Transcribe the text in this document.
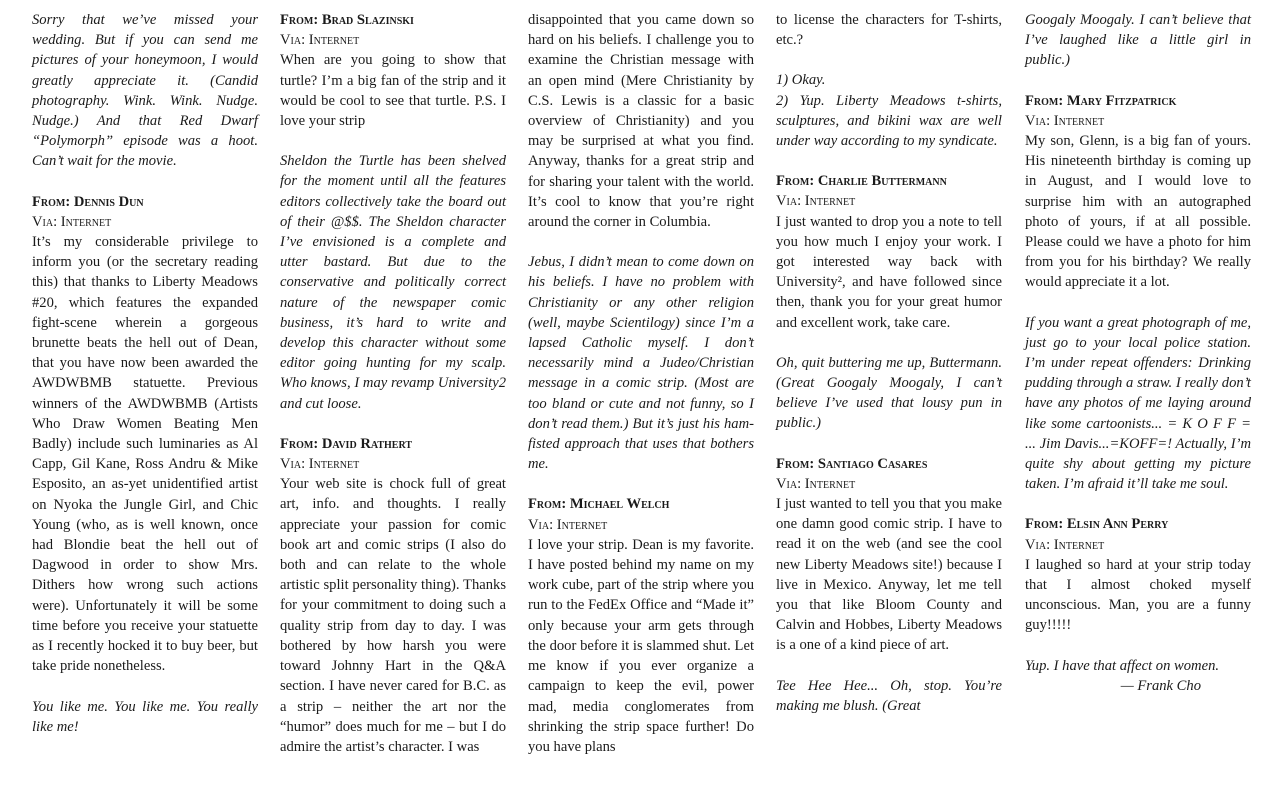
Sorry that we’ve missed your wedding. But if you can send me pictures of your honeymoon, I would greatly appreciate it. (Candid photography. Wink. Wink. Nudge. Nudge.) And that Red Dwarf “Polymorph” episode was a hoot. Can’t wait for the movie.

From: Dennis Dun

Via: Internet

It’s my considerable privilege to inform you (or the secretary reading this) that thanks to Liberty Meadows #20, which features the expanded fight-scene wherein a gorgeous brunette beats the hell out of Dean, that you have now been awarded the AWDWBMB statuette. Previous winners of the AWDWBMB (Artists Who Draw Women Beating Men Badly) include such luminaries as Al Capp, Gil Kane, Ross Andru & Mike Esposito, an as-yet unidentified artist on Nyoka the Jungle Girl, and Chic Young (who, as is well known, once had Blondie beat the hell out of Dagwood in order to show Mrs. Dithers how wrong such actions were). Unfortunately it will be some time before you receive your statuette as I recently hocked it to buy beer, but take pride nonetheless.

You like me. You like me. You really like me!

From: Brad Slazinski

Via: Internet

When are you going to show that turtle? I’m a big fan of the strip and it would be cool to see that turtle. P.S. I love your strip

Sheldon the Turtle has been shelved for the moment until all the features editors collectively take the board out of their @$$. The Sheldon character I’ve envisioned is a complete and utter bastard. But due to the conservative and politically correct nature of the newspaper comic business, it’s hard to write and develop this character without some editor going hunting for my scalp. Who knows, I may revamp University2 and cut loose.

From: David Rathert

Via: Internet

Your web site is chock full of great art, info. and thoughts. I really appreciate your passion for comic book art and comic strips (I also do both and can relate to the whole artistic split personality thing). Thanks for your commitment to doing such a quality strip from day to day. I was bothered by how harsh you were toward Johnny Hart in the Q&A section. I have never cared for B.C. as a strip – neither the art nor the “humor” does much for me – but I do admire the artist’s character. I was

disappointed that you came down so hard on his beliefs. I challenge you to examine the Christian message with an open mind (Mere Christianity by C.S. Lewis is a classic for a basic overview of Christianity) and you may be surprised at what you find. Anyway, thanks for a great strip and for sharing your talent with the world. It’s cool to know that you’re right around the corner in Columbia.

Jebus, I didn’t mean to come down on his beliefs. I have no problem with Christianity or any other religion (well, maybe Scientilogy) since I’m a lapsed Catholic myself. I don’t necessarily mind a Judeo/Christian message in a comic strip. (Most are too bland or cute and not funny, so I don’t read them.) But it’s just his ham-fisted approach that uses that bothers me.

From: Michael Welch

Via: Internet

I love your strip. Dean is my favorite. I have posted behind my name on my work cube, part of the strip where you run to the FedEx Office and “Made it” only because your arm gets through the door before it is slammed shut. Let me know if you ever organize a campaign to keep the evil, power mad, media conglomerates from shrinking the strip space further! Do you have plans

to license the characters for T-shirts, etc.?

1) Okay.

2) Yup. Liberty Meadows t-shirts, sculptures, and bikini wax are well under way according to my syndicate.

From: Charlie Buttermann

Via: Internet

I just wanted to drop you a note to tell you how much I enjoy your work. I got interested way back with University², and have followed since then, thank you for your great humor and excellent work, take care.

Oh, quit buttering me up, Buttermann. (Great Googaly Moogaly, I can’t believe I’ve used that lousy pun in public.)

From: Santiago Casares

Via: Internet

I just wanted to tell you that you make one damn good comic strip. I have to read it on the web (and see the cool new Liberty Meadows site!) because I live in Mexico. Anyway, let me tell you that like Bloom County and Calvin and Hobbes, Liberty Meadows is a one of a kind piece of art.

Tee Hee Hee... Oh, stop. You’re making me blush. (Great

Googaly Moogaly. I can’t believe that I’ve laughed like a little girl in public.)

From: Mary Fitzpatrick

Via: Internet

My son, Glenn, is a big fan of yours. His nineteenth birthday is coming up in August, and I would love to surprise him with an autographed photo of yours, if at all possible. Please could we have a photo for him from you for his birthday? We really would appreciate it a lot.

If you want a great photograph of me, just go to your local police station. I’m under repeat offenders: Drinking pudding through a straw. I really don’t have any photos of me laying around like some cartoonists... = K O F F = ... Jim Davis...=KOFF=! Actually, I’m quite shy about getting my picture taken. I’m afraid it’ll take me soul.

From: Elsin Ann Perry

Via: Internet

I laughed so hard at your strip today that I almost choked myself unconscious. Man, you are a funny guy!!!!!

Yup. I have that affect on women.

— Frank Cho
